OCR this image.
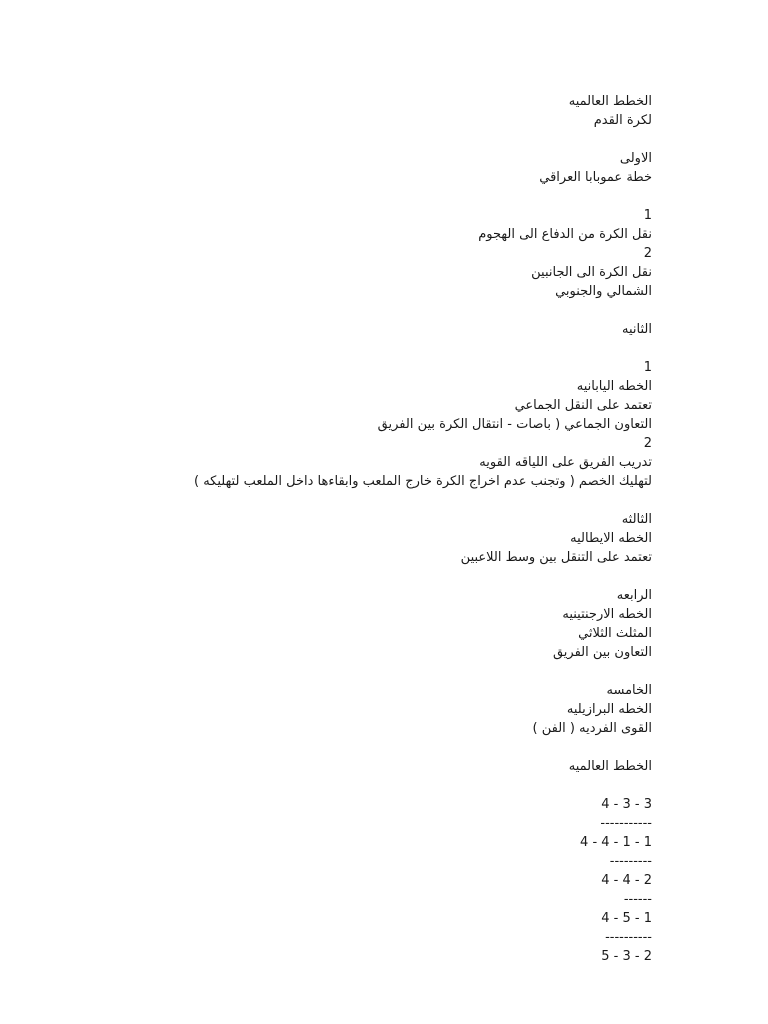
الخطط العالميه
لكرة القدم
الاولى
خطة عموبابا العراقي
1
نقل الكرة من الدفاع الى الهجوم
2
نقل الكرة الى الجانبين
الشمالي والجنوبي
الثانيه
1
الخطه اليابانيه
تعتمد على النقل الجماعي
التعاون الجماعي ( باصات - انتقال الكرة بين الفريق
2
تدريب الفريق على اللياقه القويه
لتهليك الخصم ( وتجنب عدم اخراج الكرة خارج الملعب وابقاءها داخل الملعب لتهليكه )
الثالثه
الخطه الايطاليه
تعتمد على التنقل بين وسط اللاعبين
الرابعه
الخطه الارجنتينيه
المثلث الثلاثي
التعاون بين الفريق
الخامسه
الخطه البرازيليه
القوى الفرديه ( الفن )
الخطط العالميه
4 - 3 - 3
-----------
4 - 4 - 1 - 1
---------
4 - 4 - 2
------
4 - 5 - 1
----------
5 - 3 - 2
